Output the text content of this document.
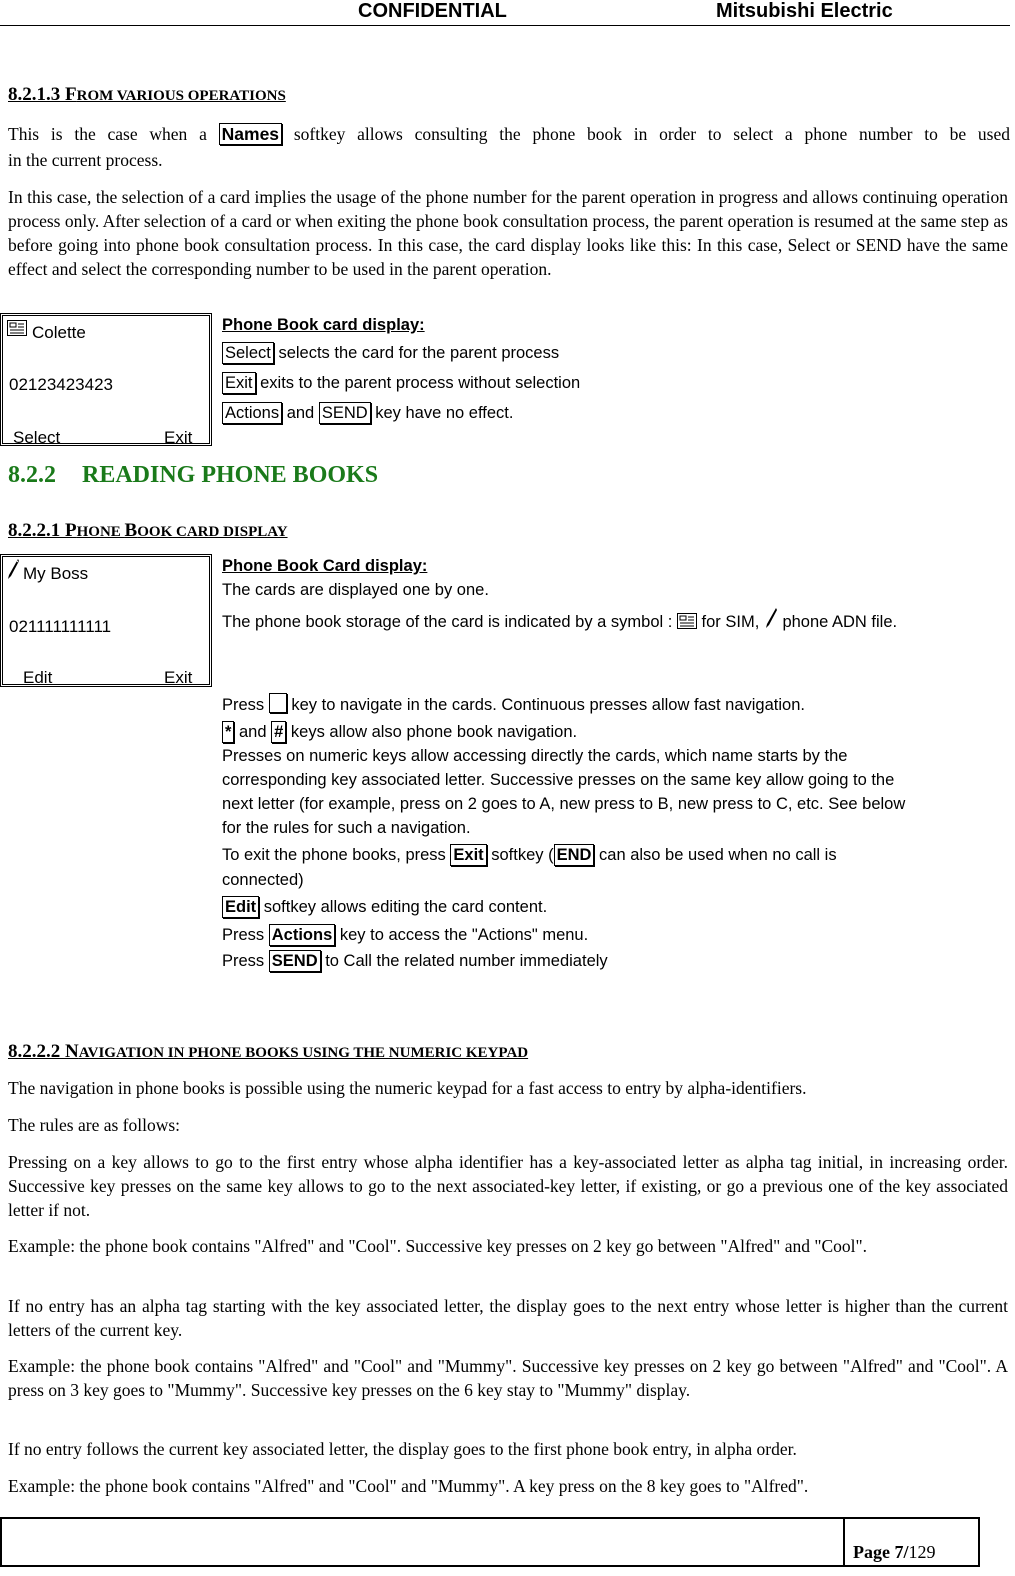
CONFIDENTIAL	Mitsubishi Electric
8.2.1.3 FROM VARIOUS OPERATIONS
This is the case when a Names softkey allows consulting the phone book in order to select a phone number to be used
in the current process.

In this case, the selection of a card implies the usage of the phone number for the parent operation in progress and allows continuing operation process only. After selection of a card or when exiting the phone book consultation process, the parent operation is resumed at the same step as before going into phone book consultation process. In this case, the card display looks like this: In this case, Select or SEND have the same effect and select the corresponding number to be used in the parent operation.

Colette
02123423423
Select	Exit
Phone Book card display:
Select selects the card for the parent process
Exit exits to the parent process without selection
Actions and SEND key have no effect.
8.2.2 READING PHONE BOOKS
8.2.2.1 PHONE BOOK CARD DISPLAY
My Boss
021111111111
Edit	Exit
Phone Book Card display:
The cards are displayed one by one.
The phone book storage of the card is indicated by a symbol :  for SIM,  phone ADN file.
Press  key to navigate in the cards. Continuous presses allow fast navigation.
* and # keys allow also phone book navigation.
Presses on numeric keys allow accessing directly the cards, which name starts by the
corresponding key associated letter. Successive presses on the same key allow going to the
next letter (for example, press on 2 goes to A, new press to B, new press to C, etc. See below
for the rules for such a navigation.
To exit the phone books, press Exit softkey ( END can also be used when no call is
connected)
Edit softkey allows editing the card content.
Press Actions key to access the "Actions" menu.
Press SEND to Call the related number immediately
8.2.2.2 NAVIGATION IN PHONE BOOKS USING THE NUMERIC KEYPAD

The navigation in phone books is possible using the numeric keypad for a fast access to entry by alpha-identifiers.

The rules are as follows:

Pressing on a key allows to go to the first entry whose alpha identifier has a key-associated letter as alpha tag initial, in increasing order. Successive key presses on the same key allows to go to the next associated-key letter, if existing, or go a previous one of the key associated letter if not.

Example: the phone book contains "Alfred" and "Cool". Successive key presses on 2 key go between "Alfred" and "Cool".

If no entry has an alpha tag starting with the key associated letter, the display goes to the next entry whose letter is higher than the current letters of the current key.

Example: the phone book contains "Alfred" and "Cool" and "Mummy". Successive key presses on 2 key go between "Alfred" and "Cool". A press on 3 key goes to "Mummy". Successive key presses on the 6 key stay to "Mummy" display.

If no entry follows the current key associated letter, the display goes to the first phone book entry, in alpha order.

Example: the phone book contains "Alfred" and "Cool" and "Mummy". A key press on the 8 key goes to "Alfred".

Page 7/129
